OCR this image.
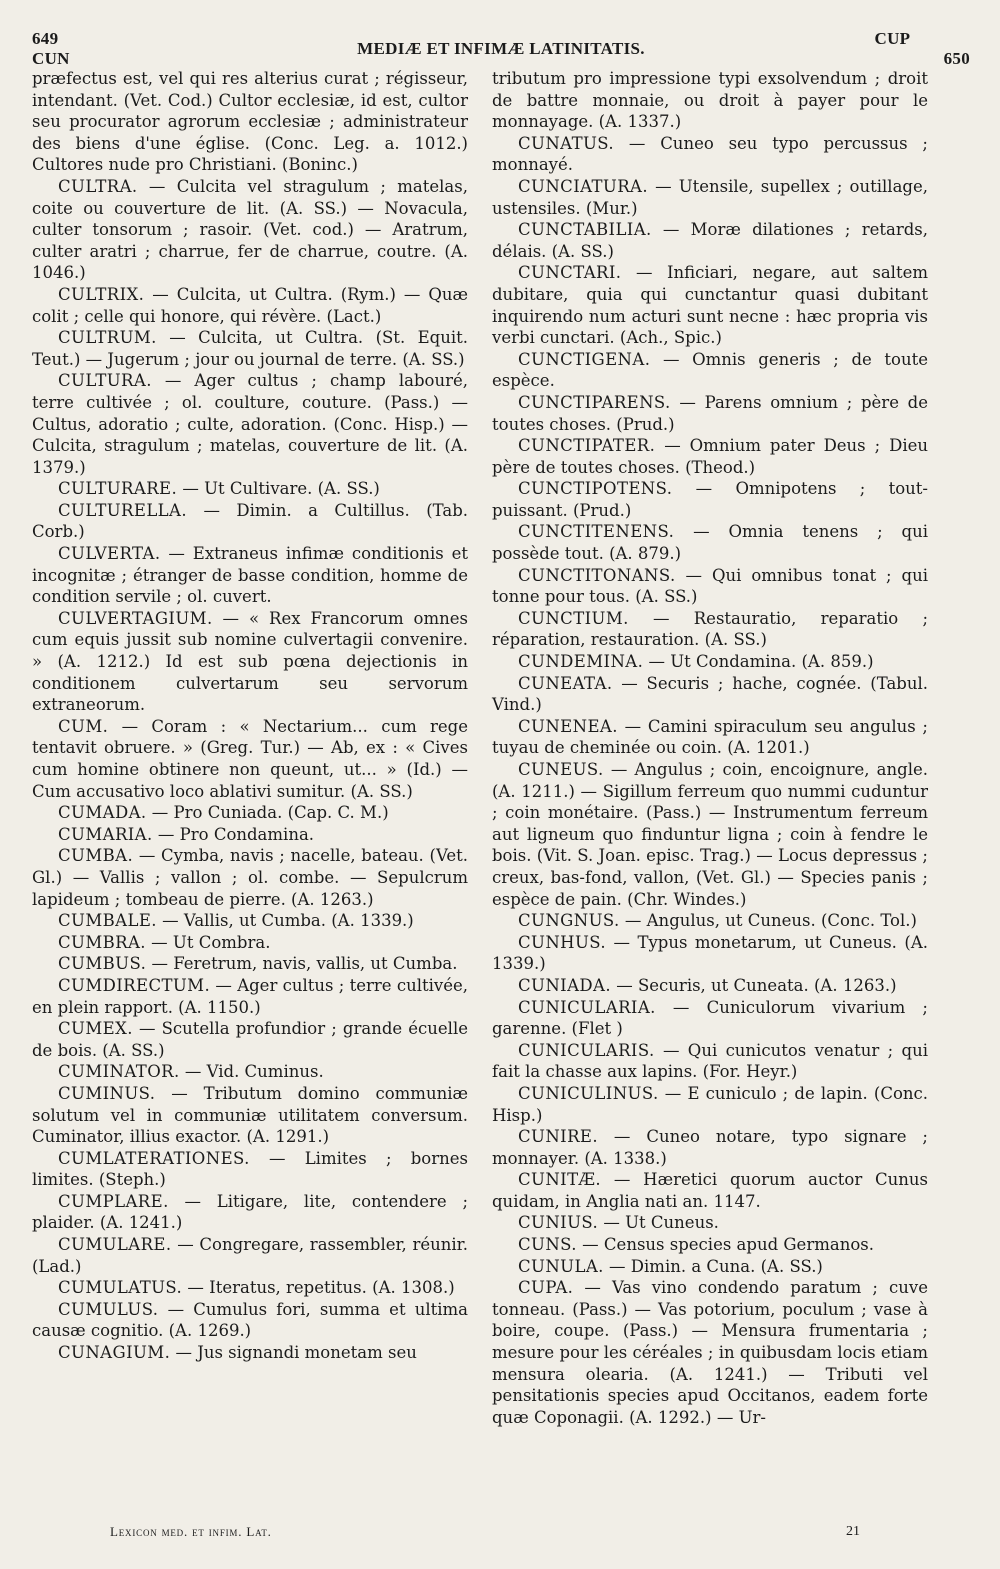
649  CUN
MEDIÆ ET INFIMÆ LATINITATIS.
CUP  650

præfectus est, vel qui res alterius curat ; régisseur, intendant. (Vet. Cod.) Cultor ecclesiæ, id est, cultor seu procurator agrorum ecclesiæ ; administrateur des biens d'une église. (Conc. Leg. a. 1012.) Cultores nude pro Christiani. (Boninc.)

CULTRA. — Culcita vel stragulum ; matelas, coite ou couverture de lit. (A. SS.) — Novacula, culter tonsorum ; rasoir. (Vet. cod.) — Aratrum, culter aratri ; charrue, fer de charrue, coutre. (A. 1046.)

CULTRIX. — Culcita, ut Cultra. (Rym.) — Quæ colit ; celle qui honore, qui révère. (Lact.)

CULTRUM. — Culcita, ut Cultra. (St. Equit. Teut.) — Jugerum ; jour ou journal de terre. (A. SS.)

CULTURA. — Ager cultus ; champ labouré, terre cultivée ; ol. coulture, couture. (Pass.) — Cultus, adoratio ; culte, adoration. (Conc. Hisp.) — Culcita, stragulum ; matelas, couverture de lit. (A. 1379.)

CULTURARE. — Ut Cultivare. (A. SS.)

CULTURELLA. — Dimin. a Cultillus. (Tab. Corb.)

CULVERTA. — Extraneus infimæ conditionis et incognitæ ; étranger de basse condition, homme de condition servile ; ol. cuvert.

CULVERTAGIUM. — « Rex Francorum omnes cum equis jussit sub nomine culvertagii convenire. » (A. 1212.) Id est sub pœna dejectionis in conditionem culvertarum seu servorum extraneorum.

CUM. — Coram : « Nectarium... cum rege tentavit obruere. » (Greg. Tur.) — Ab, ex : « Cives cum homine obtinere non queunt, ut... » (Id.) — Cum accusativo loco ablativi sumitur. (A. SS.)

CUMADA. — Pro Cuniada. (Cap. C. M.)

CUMARIA. — Pro Condamina.

CUMBA. — Cymba, navis ; nacelle, bateau. (Vet. Gl.) — Vallis ; vallon ; ol. combe. — Sepulcrum lapideum ; tombeau de pierre. (A. 1263.)

CUMBALE. — Vallis, ut Cumba. (A. 1339.)

CUMBRA. — Ut Combra.

CUMBUS. — Feretrum, navis, vallis, ut Cumba.

CUMDIRECTUM. — Ager cultus ; terre cultivée, en plein rapport. (A. 1150.)

CUMEX. — Scutella profundior ; grande écuelle de bois. (A. SS.)

CUMINATOR. — Vid. Cuminus.

CUMINUS. — Tributum domino communiæ solutum vel in communiæ utilitatem conversum. Cuminator, illius exactor. (A. 1291.)

CUMLATERATIONES. — Limites ; bornes limites. (Steph.)

CUMPLARE. — Litigare, lite, contendere ; plaider. (A. 1241.)

CUMULARE. — Congregare, rassembler, réunir. (Lad.)

CUMULATUS. — Iteratus, repetitus. (A. 1308.)

CUMULUS. — Cumulus fori, summa et ultima causæ cognitio. (A. 1269.)

CUNAGIUM. — Jus signandi monetam seu

tributum pro impressione typi exsolvendum ; droit de battre monnaie, ou droit à payer pour le monnayage. (A. 1337.)

CUNATUS. — Cuneo seu typo percussus ; monnayé.

CUNCIATURA. — Utensile, supellex ; outillage, ustensiles. (Mur.)

CUNCTABILIA. — Moræ dilationes ; retards, délais. (A. SS.)

CUNCTARI. — Inficiari, negare, aut saltem dubitare, quia qui cunctantur quasi dubitant inquirendo num acturi sunt necne : hæc propria vis verbi cunctari. (Ach., Spic.)

CUNCTIGENA. — Omnis generis ; de toute espèce.

CUNCTIPARENS. — Parens omnium ; père de toutes choses. (Prud.)

CUNCTIPATER. — Omnium pater Deus ; Dieu père de toutes choses. (Theod.)

CUNCTIPOTENS. — Omnipotens ; tout-puissant. (Prud.)

CUNCTITENENS. — Omnia tenens ; qui possède tout. (A. 879.)

CUNCTITONANS. — Qui omnibus tonat ; qui tonne pour tous. (A. SS.)

CUNCTIUM. — Restauratio, reparatio ; réparation, restauration. (A. SS.)

CUNDEMINA. — Ut Condamina. (A. 859.)

CUNEATA. — Securis ; hache, cognée. (Tabul. Vind.)

CUNENEA. — Camini spiraculum seu angulus ; tuyau de cheminée ou coin. (A. 1201.)

CUNEUS. — Angulus ; coin, encoignure, angle. (A. 1211.) — Sigillum ferreum quo nummi cuduntur ; coin monétaire. (Pass.) — Instrumentum ferreum aut ligneum quo finduntur ligna ; coin à fendre le bois. (Vit. S. Joan. episc. Trag.) — Locus depressus ; creux, bas-fond, vallon, (Vet. Gl.) — Species panis ; espèce de pain. (Chr. Windes.)

CUNGNUS. — Angulus, ut Cuneus. (Conc. Tol.)

CUNHUS. — Typus monetarum, ut Cuneus. (A. 1339.)

CUNIADA. — Securis, ut Cuneata. (A. 1263.)

CUNICULARIA. — Cuniculorum vivarium ; garenne. (Flet )

CUNICULARIS. — Qui cunicutos venatur ; qui fait la chasse aux lapins. (For. Heyr.)

CUNICULINUS. — E cuniculo ; de lapin. (Conc. Hisp.)

CUNIRE. — Cuneo notare, typo signare ; monnayer. (A. 1338.)

CUNITÆ. — Hæretici quorum auctor Cunus quidam, in Anglia nati an. 1147.

CUNIUS. — Ut Cuneus.

CUNS. — Census species apud Germanos.

CUNULA. — Dimin. a Cuna. (A. SS.)

CUPA. — Vas vino condendo paratum ; cuve tonneau. (Pass.) — Vas potorium, poculum ; vase à boire, coupe. (Pass.) — Mensura frumentaria ; mesure pour les céréales ; in quibusdam locis etiam mensura olearia. (A. 1241.) — Tributi vel pensitationis species apud Occitanos, eadem forte quæ Coponagii. (A. 1292.) — Ur-

Lexicon med. et infim. Lat.	21
